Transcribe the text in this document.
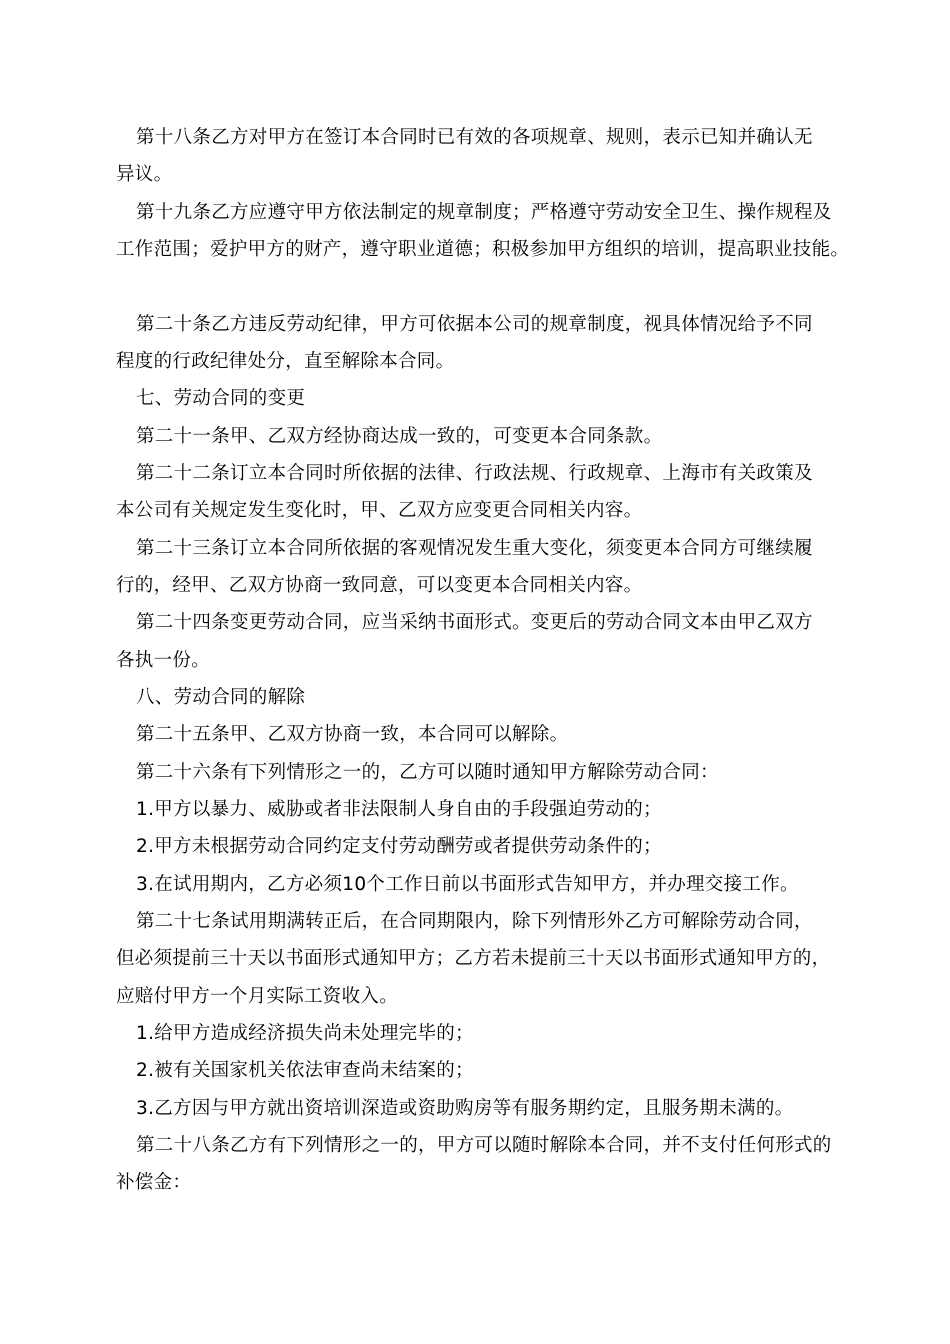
第十八条乙方对甲方在签订本合同时已有效的各项规章、规则，表示已知并确认无
异议。
第十九条乙方应遵守甲方依法制定的规章制度；严格遵守劳动安全卫生、操作规程及
工作范围；爱护甲方的财产，遵守职业道德；积极参加甲方组织的培训，提高职业技能。
第二十条乙方违反劳动纪律，甲方可依据本公司的规章制度，视具体情况给予不同
程度的行政纪律处分，直至解除本合同。
七、劳动合同的变更
第二十一条甲、乙双方经协商达成一致的，可变更本合同条款。
第二十二条订立本合同时所依据的法律、行政法规、行政规章、上海市有关政策及
本公司有关规定发生变化时，甲、乙双方应变更合同相关内容。
第二十三条订立本合同所依据的客观情况发生重大变化，须变更本合同方可继续履
行的，经甲、乙双方协商一致同意，可以变更本合同相关内容。
第二十四条变更劳动合同，应当采纳书面形式。变更后的劳动合同文本由甲乙双方
各执一份。
八、劳动合同的解除
第二十五条甲、乙双方协商一致，本合同可以解除。
第二十六条有下列情形之一的，乙方可以随时通知甲方解除劳动合同：
1.甲方以暴力、威胁或者非法限制人身自由的手段强迫劳动的；
2.甲方未根据劳动合同约定支付劳动酬劳或者提供劳动条件的；
3.在试用期内，乙方必须10个工作日前以书面形式告知甲方，并办理交接工作。
第二十七条试用期满转正后，在合同期限内，除下列情形外乙方可解除劳动合同，
但必须提前三十天以书面形式通知甲方；乙方若未提前三十天以书面形式通知甲方的，
应赔付甲方一个月实际工资收入。
1.给甲方造成经济损失尚未处理完毕的；
2.被有关国家机关依法审查尚未结案的；
3.乙方因与甲方就出资培训深造或资助购房等有服务期约定，且服务期未满的。
第二十八条乙方有下列情形之一的，甲方可以随时解除本合同，并不支付任何形式的
补偿金：
